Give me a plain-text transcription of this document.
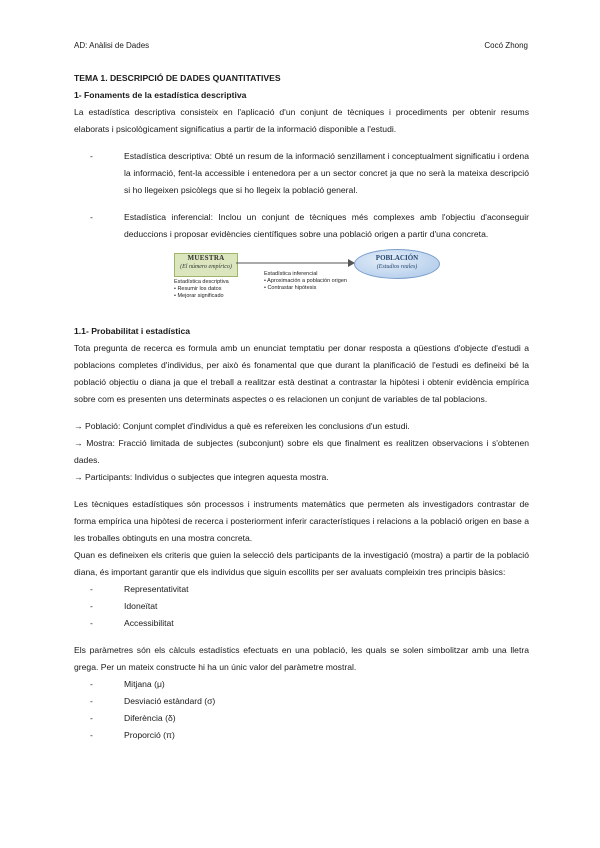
AD: Anàlisi de Dades	Cocó Zhong

TEMA 1. DESCRIPCIÓ DE DADES QUANTITATIVES

1- Fonaments de la estadística descriptiva

La estadística descriptiva consisteix en l'aplicació d'un conjunt de tècniques i procediments per obtenir resums elaborats i psicològicament significatius a partir de la informació disponible a l'estudi.

-	Estadística descriptiva: Obté un resum de la informació senzillament i conceptualment significatiu i ordena la informació, fent-la accessible i entenedora per a un sector concret ja que no serà la mateixa descripció si ho llegeixen psicòlegs que si ho llegeix la població general.
-	Estadística inferencial: Inclou un conjunt de tècniques més complexes amb l'objectiu d'aconseguir deduccions i proposar evidències científiques sobre una població origen a partir d'una concreta.
MUESTRA
(El número empírico)
POBLACIÓN
(Estudios reales)
Estadística descriptiva
• Resumir los datos
• Mejorar significado
Estadística inferencial
• Aproximación a población origen
• Contrastar hipótesis

1.1- Probabilitat i estadística

Tota pregunta de recerca es formula amb un enunciat temptatiu per donar resposta a qüestions d'objecte d'estudi a poblacions completes d'individus, per això és fonamental que que durant la planificació de l'estudi es defineixi bé la població objectiu o diana ja que el treball a realitzar està destinat a contrastar la hipòtesi i obtenir evidència empírica sobre com es presenten uns determinats aspectes o es relacionen un conjunt de variables de tal poblacions.

→ Població: Conjunt complet d'individus a què es refereixen les conclusions d'un estudi.

→ Mostra: Fracció limitada de subjectes (subconjunt) sobre els que finalment es realitzen observacions i s'obtenen dades.

→ Participants: Individus o subjectes que integren aquesta mostra.

Les tècniques estadístiques són processos i instruments matemàtics que permeten als investigadors contrastar de forma empírica una hipòtesi de recerca i posteriorment inferir característiques i relacions a la població origen en base a les troballes obtinguts en una mostra concreta.

Quan es defineixen els criteris que guien la selecció dels participants de la investigació (mostra) a partir de la població diana, és important garantir que els individus que siguin escollits per ser avaluats compleixin tres principis bàsics:

-	Representativitat
-	Idoneïtat
-	Accessibilitat

Els paràmetres són els càlculs estadístics efectuats en una població, les quals se solen simbolitzar amb una lletra grega. Per un mateix constructe hi ha un únic valor del paràmetre mostral.

-	Mitjana (μ)
-	Desviació estàndard (σ)
-	Diferència (δ)
-	Proporció (π)
